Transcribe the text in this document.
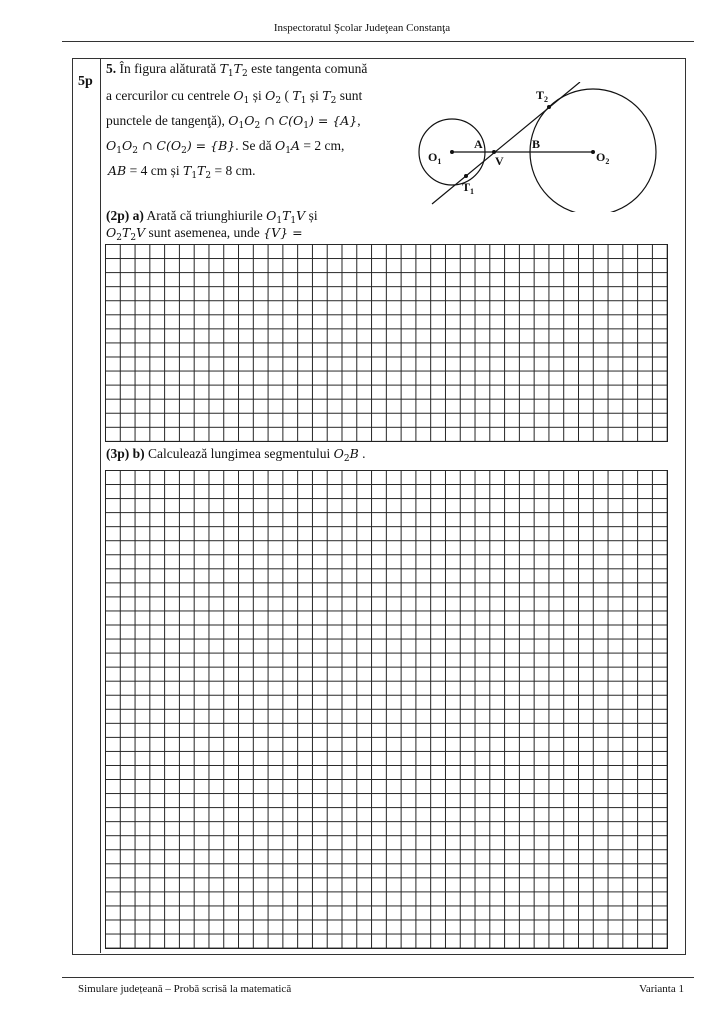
Inspectoratul Şcolar Judeţean Constanţa
5p
5. În figura alăturată $T_1T_2$ este tangenta comună
a cercurilor cu centrele $O_1$ și $O_2$ ( $T_1$ și $T_2$ sunt
punctele de tangenţă), $O_1O_2$ ∩ $C(O_1) = \{A\}$,
$O_1O_2$ ∩ $C(O_2) = \{B\}$. Se dă $O_1A = 2$ cm,
AB = 4 cm și $T_1T_2 = 8$ cm.
$O_1$	$O_2$
A	B
V
$T_1$
$T_2$
(2p) a) Arată că triunghiurile $O_1T_1V$ și $O_2T_2V$ sunt asemenea, unde {V} =
(3p) b) Calculează lungimea segmentului $O_2B$ .
Simulare județeană – Probă scrisă la matematică	Varianta 1
